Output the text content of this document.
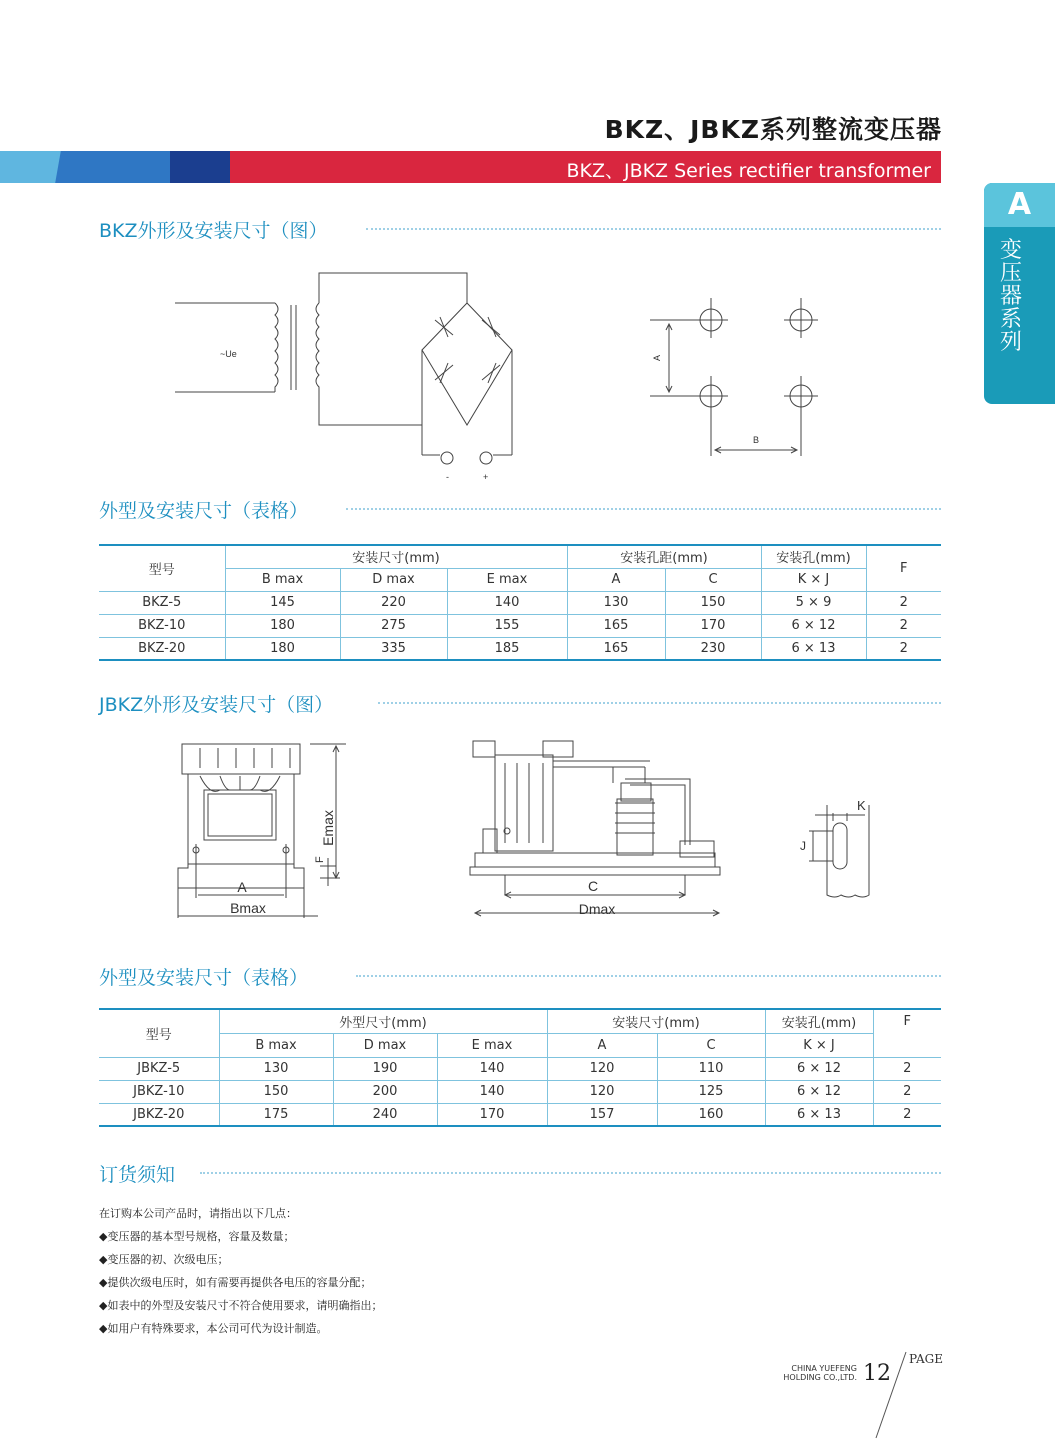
BKZ、JBKZ系列整流变压器
BKZ、JBKZ Series rectifier transformer
A
变压器系列
BKZ外形及安装尺寸（图）
~Ue
-	+
A
B
外型及安装尺寸（表格）
型号	安装尺寸(mm)			安装孔距(mm)		安装孔(mm)	F
	B max	D max	E max	A	C	K × J	
BKZ-5	145	220	140	130	150	5 × 9	2
BKZ-10	180	275	155	165	170	6 × 12	2
BKZ-20	180	335	185	165	230	6 × 13	2
JBKZ外形及安装尺寸（图）
A
Bmax
Emax
F
C
Dmax
K
J
外型及安装尺寸（表格）
型号	外型尺寸(mm)			安装尺寸(mm)		安装孔(mm)	F
	B max	D max	E max	A	C	K × J	
JBKZ-5	130	190	140	120	110	6 × 12	2
JBKZ-10	150	200	140	120	125	6 × 12	2
JBKZ-20	175	240	170	157	160	6 × 13	2
订货须知
在订购本公司产品时，请指出以下几点：
◆变压器的基本型号规格，容量及数量；
◆变压器的初、次级电压；
◆提供次级电压时，如有需要再提供各电压的容量分配；
◆如表中的外型及安装尺寸不符合使用要求，请明确指出；
◆如用户有特殊要求，本公司可代为设计制造。
CHINA YUEFENG
HOLDING CO.,LTD. 12
PAGE
